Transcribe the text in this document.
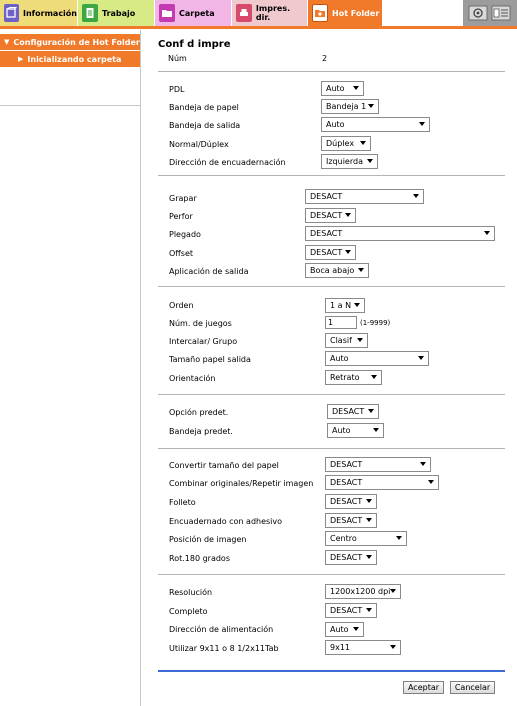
Información	Trabajo	Carpeta	Impres. dir.	Hot Folder
▼ Configuración de Hot Folder
▶ Inicializando carpeta
Conf d impre
Núm	2
PDL	Auto
Bandeja de papel	Bandeja 1
Bandeja de salida	Auto
Normal/Dúplex	Dúplex
Dirección de encuadernación	Izquierda
Grapar	DESACT
Perfor	DESACT
Plegado	DESACT
Offset	DESACT
Aplicación de salida	Boca abajo
Orden	1 a N
Núm. de juegos	1	(1-9999)
Intercalar/ Grupo	Clasif
Tamaño papel salida	Auto
Orientación	Retrato
Opción predet.	DESACT
Bandeja predet.	Auto
Convertir tamaño del papel	DESACT
Combinar originales/Repetir imagen	DESACT
Folleto	DESACT
Encuadernado con adhesivo	DESACT
Posición de imagen	Centro
Rot.180 grados	DESACT
Resolución	1200x1200 dpi
Completo	DESACT
Dirección de alimentación	Auto
Utilizar 9x11 o 8 1/2x11Tab	9x11
Aceptar	Cancelar
